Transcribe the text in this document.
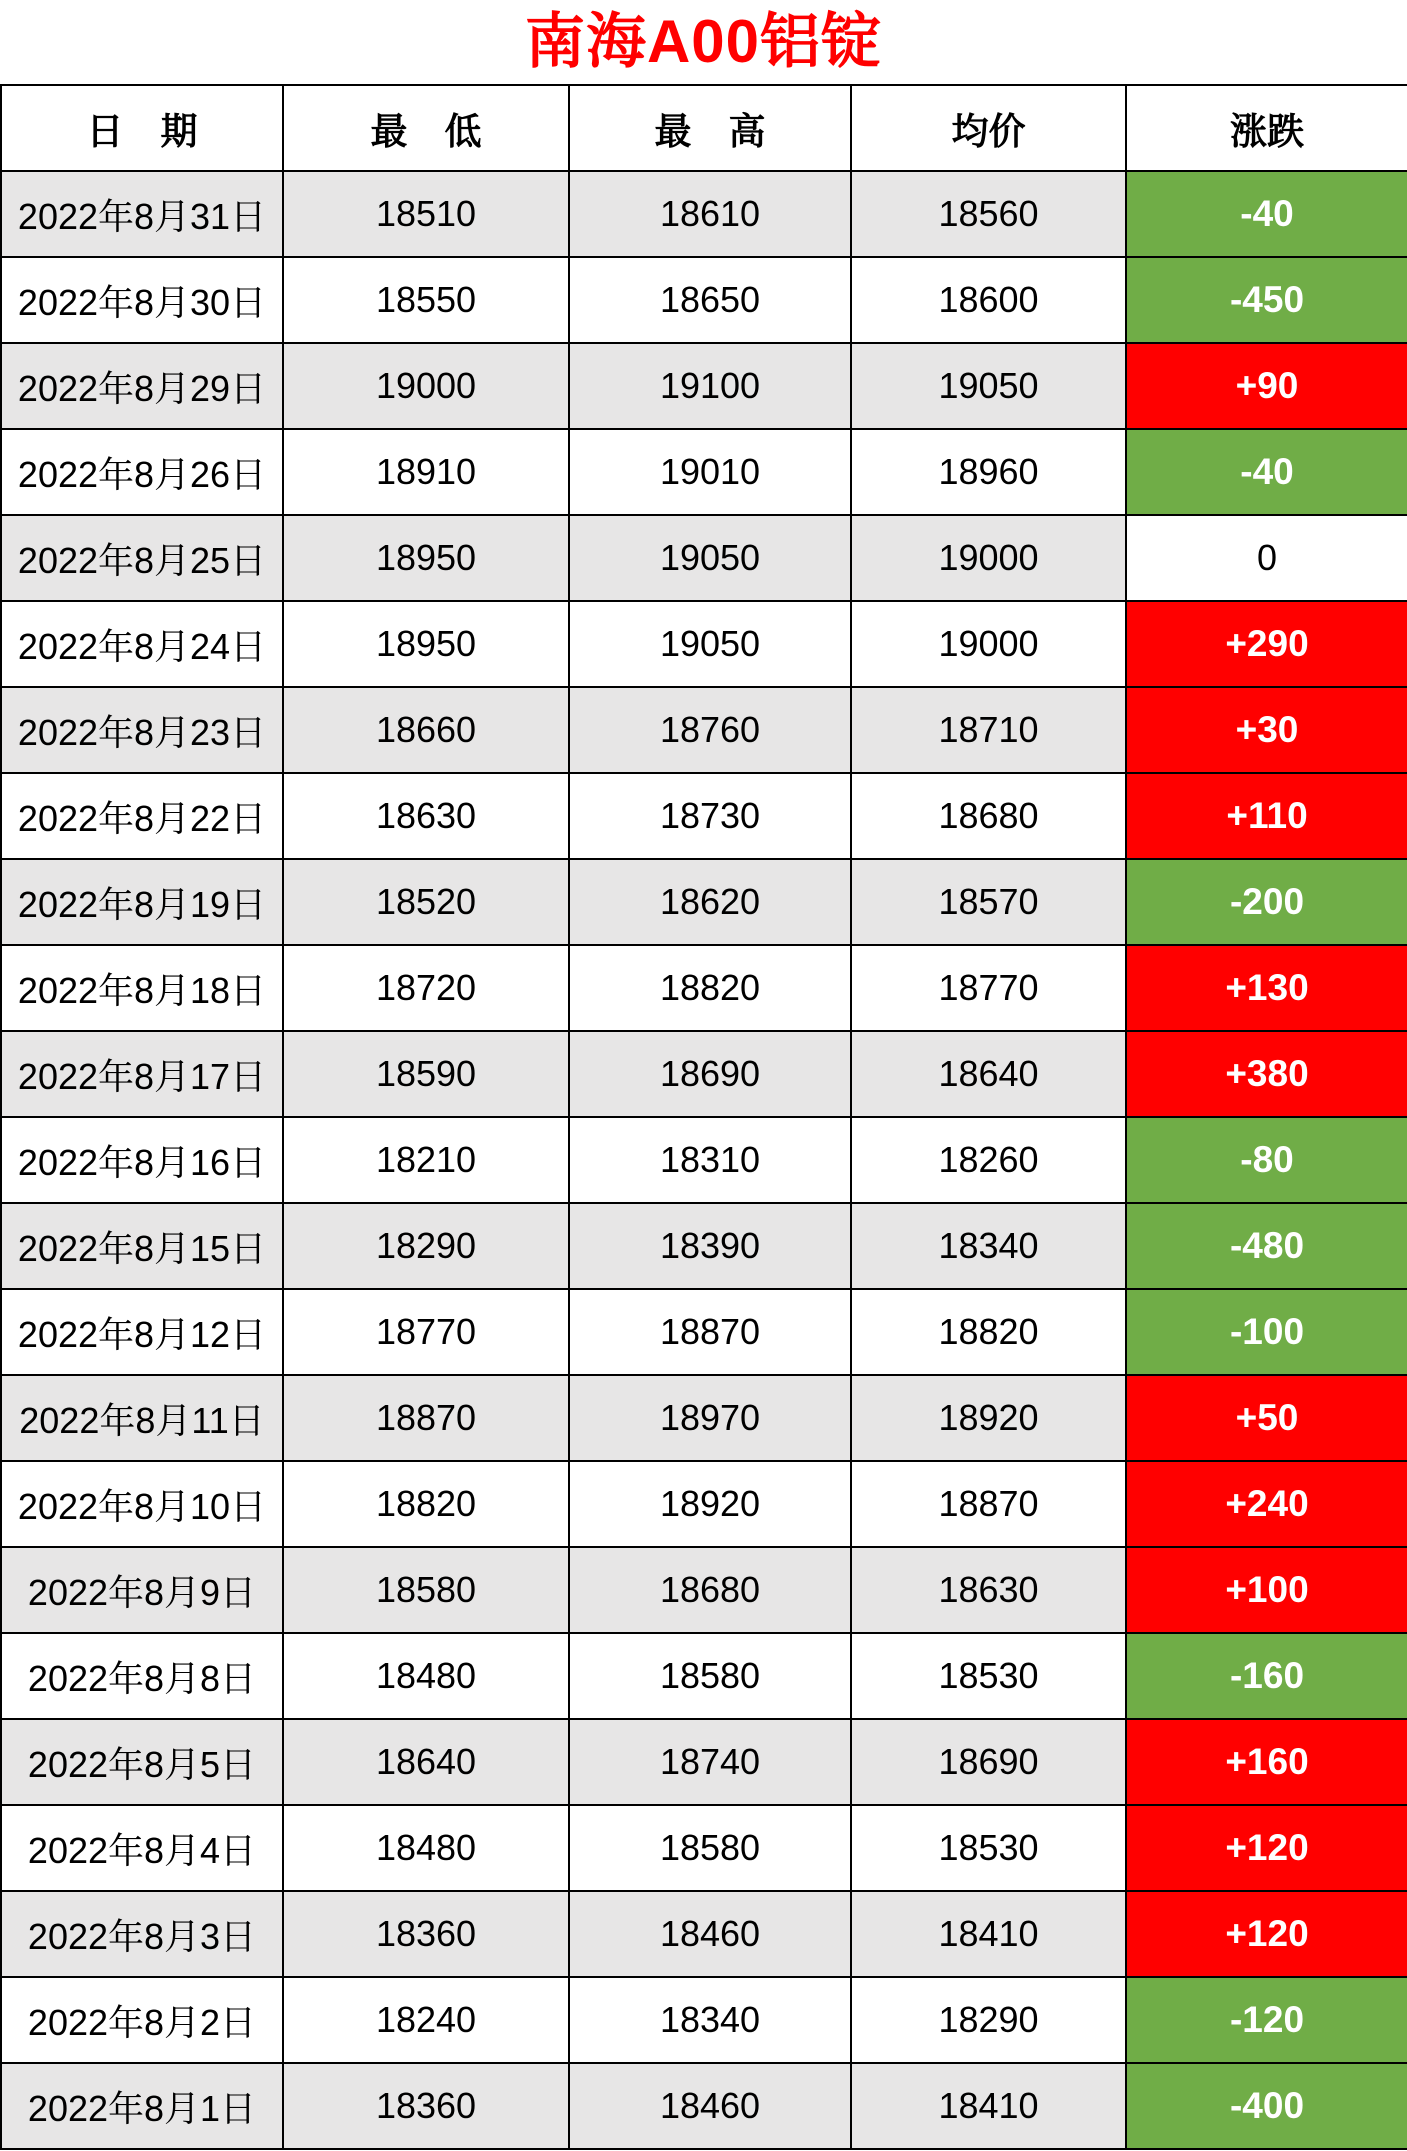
南海A00铝锭
日　期	最　低	最　高	均价	涨跌
2022年8月31日	18510	18610	18560	-40
2022年8月30日	18550	18650	18600	-450
2022年8月29日	19000	19100	19050	+90
2022年8月26日	18910	19010	18960	-40
2022年8月25日	18950	19050	19000	0
2022年8月24日	18950	19050	19000	+290
2022年8月23日	18660	18760	18710	+30
2022年8月22日	18630	18730	18680	+110
2022年8月19日	18520	18620	18570	-200
2022年8月18日	18720	18820	18770	+130
2022年8月17日	18590	18690	18640	+380
2022年8月16日	18210	18310	18260	-80
2022年8月15日	18290	18390	18340	-480
2022年8月12日	18770	18870	18820	-100
2022年8月11日	18870	18970	18920	+50
2022年8月10日	18820	18920	18870	+240
2022年8月9日	18580	18680	18630	+100
2022年8月8日	18480	18580	18530	-160
2022年8月5日	18640	18740	18690	+160
2022年8月4日	18480	18580	18530	+120
2022年8月3日	18360	18460	18410	+120
2022年8月2日	18240	18340	18290	-120
2022年8月1日	18360	18460	18410	-400
